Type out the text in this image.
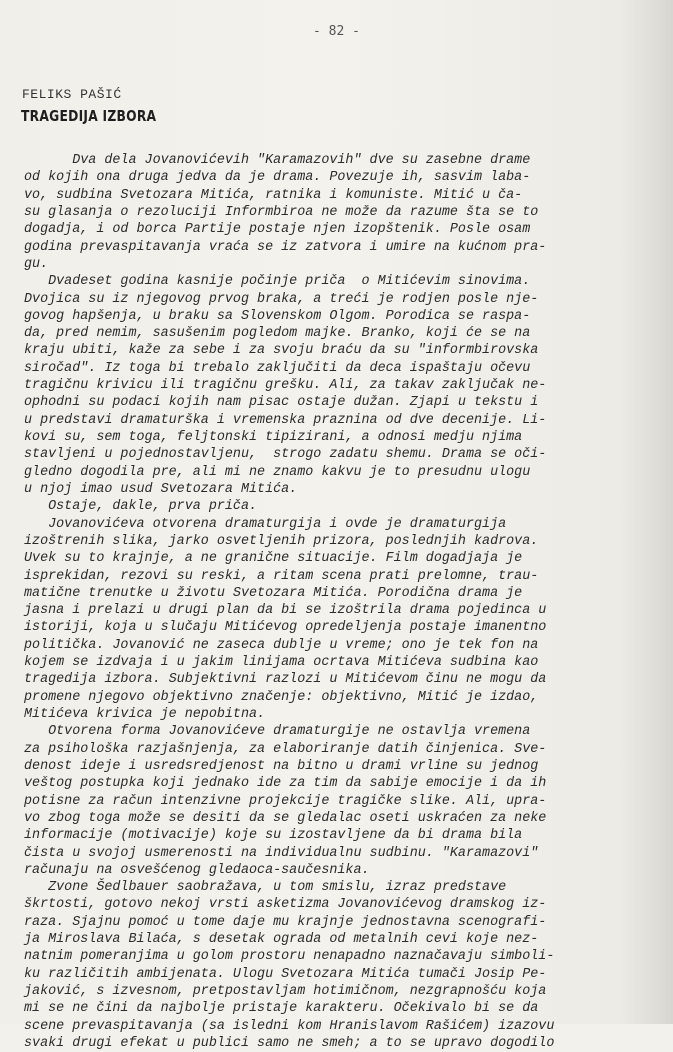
- 82 -
FELIKS PAŠIĆ
TRAGEDIJA IZBORA
Dva dela Jovanovićevih "Karamazovih" dve su zasebne drame
od kojih ona druga jedva da je drama. Povezuje ih, sasvim laba-
vo, sudbina Svetozara Mitića, ratnika i komuniste. Mitić u ča-
su glasanja o rezoluciji Informbiroa ne može da razume šta se to
dogadja, i od borca Partije postaje njen izopštenik. Posle osam
godina prevaspitavanja vraća se iz zatvora i umire na kućnom pra-
gu.
Dvadeset godina kasnije počinje priča  o Mitićevim sinovima.
Dvojica su iz njegovog prvog braka, a treći je rodjen posle nje-
govog hapšenja, u braku sa Slovenskom Olgom. Porodica se raspa-
da, pred nemim, sasušenim pogledom majke. Branko, koji će se na
kraju ubiti, kaže za sebe i za svoju braću da su "informbirovska
siročad". Iz toga bi trebalo zaključiti da deca ispaštaju očevu
tragičnu krivicu ili tragičnu grešku. Ali, za takav zaključak ne-
ophodni su podaci kojih nam pisac ostaje dužan. Zjapi u tekstu i
u predstavi dramaturška i vremenska praznina od dve decenije. Li-
kovi su, sem toga, feljtonski tipizirani, a odnosi medju njima
stavljeni u pojednostavljenu,  strogo zadatu shemu. Drama se oči-
gledno dogodila pre, ali mi ne znamo kakvu je to presudnu ulogu
u njoj imao usud Svetozara Mitića.
Ostaje, dakle, prva priča.
Jovanovićeva otvorena dramaturgija i ovde je dramaturgija
izoštrenih slika, jarko osvetljenih prizora, poslednjih kadrova.
Uvek su to krajnje, a ne granične situacije. Film dogadjaja je
isprekidan, rezovi su reski, a ritam scena prati prelomne, trau-
matične trenutke u životu Svetozara Mitića. Porodična drama je
jasna i prelazi u drugi plan da bi se izoštrila drama pojedinca u
istoriji, koja u slučaju Mitićevog opredeljenja postaje imanentno
politička. Jovanović ne zaseca dublje u vreme; ono je tek fon na
kojem se izdvaja i u jakim linijama ocrtava Mitićeva sudbina kao
tragedija izbora. Subjektivni razlozi u Mitićevom činu ne mogu da
promene njegovo objektivno značenje: objektivno, Mitić je izdao,
Mitićeva krivica je nepobitna.
Otvorena forma Jovanovićeve dramaturgije ne ostavlja vremena
za psihološka razjašnjenja, za elaboriranje datih činjenica. Sve-
denost ideje i usredsredjenost na bitno u drami vrline su jednog
veštog postupka koji jednako ide za tim da sabije emocije i da ih
potisne za račun intenzivne projekcije tragičke slike. Ali, upra-
vo zbog toga može se desiti da se gledalac oseti uskraćen za neke
informacije (motivacije) koje su izostavljene da bi drama bila
čista u svojoj usmerenosti na individualnu sudbinu. "Karamazovi"
računaju na osvešćenog gledaoca-saučesnika.
Zvone Šedlbauer saobražava, u tom smislu, izraz predstave
škrtosti, gotovo nekoj vrsti asketizma Jovanovićevog dramskog iz-
raza. Sjajnu pomoć u tome daje mu krajnje jednostavna scenografi-
ja Miroslava Bilaća, s desetak ograda od metalnih cevi koje nez-
natnim pomeranjima u golom prostoru nenapadno naznačavaju simboli-
ku različitih ambijenata. Ulogu Svetozara Mitića tumači Josip Pe-
jaković, s izvesnom, pretpostavljam hotimičnom, nezgrapnošću koja
mi se ne čini da najbolje pristaje karakteru. Očekivalo bi se da
scene prevaspitavanja (sa isledni kom Hranislavom Rašićem) izazovu
svaki drugi efekat u publici samo ne smeh; a to se upravo dogodilo
